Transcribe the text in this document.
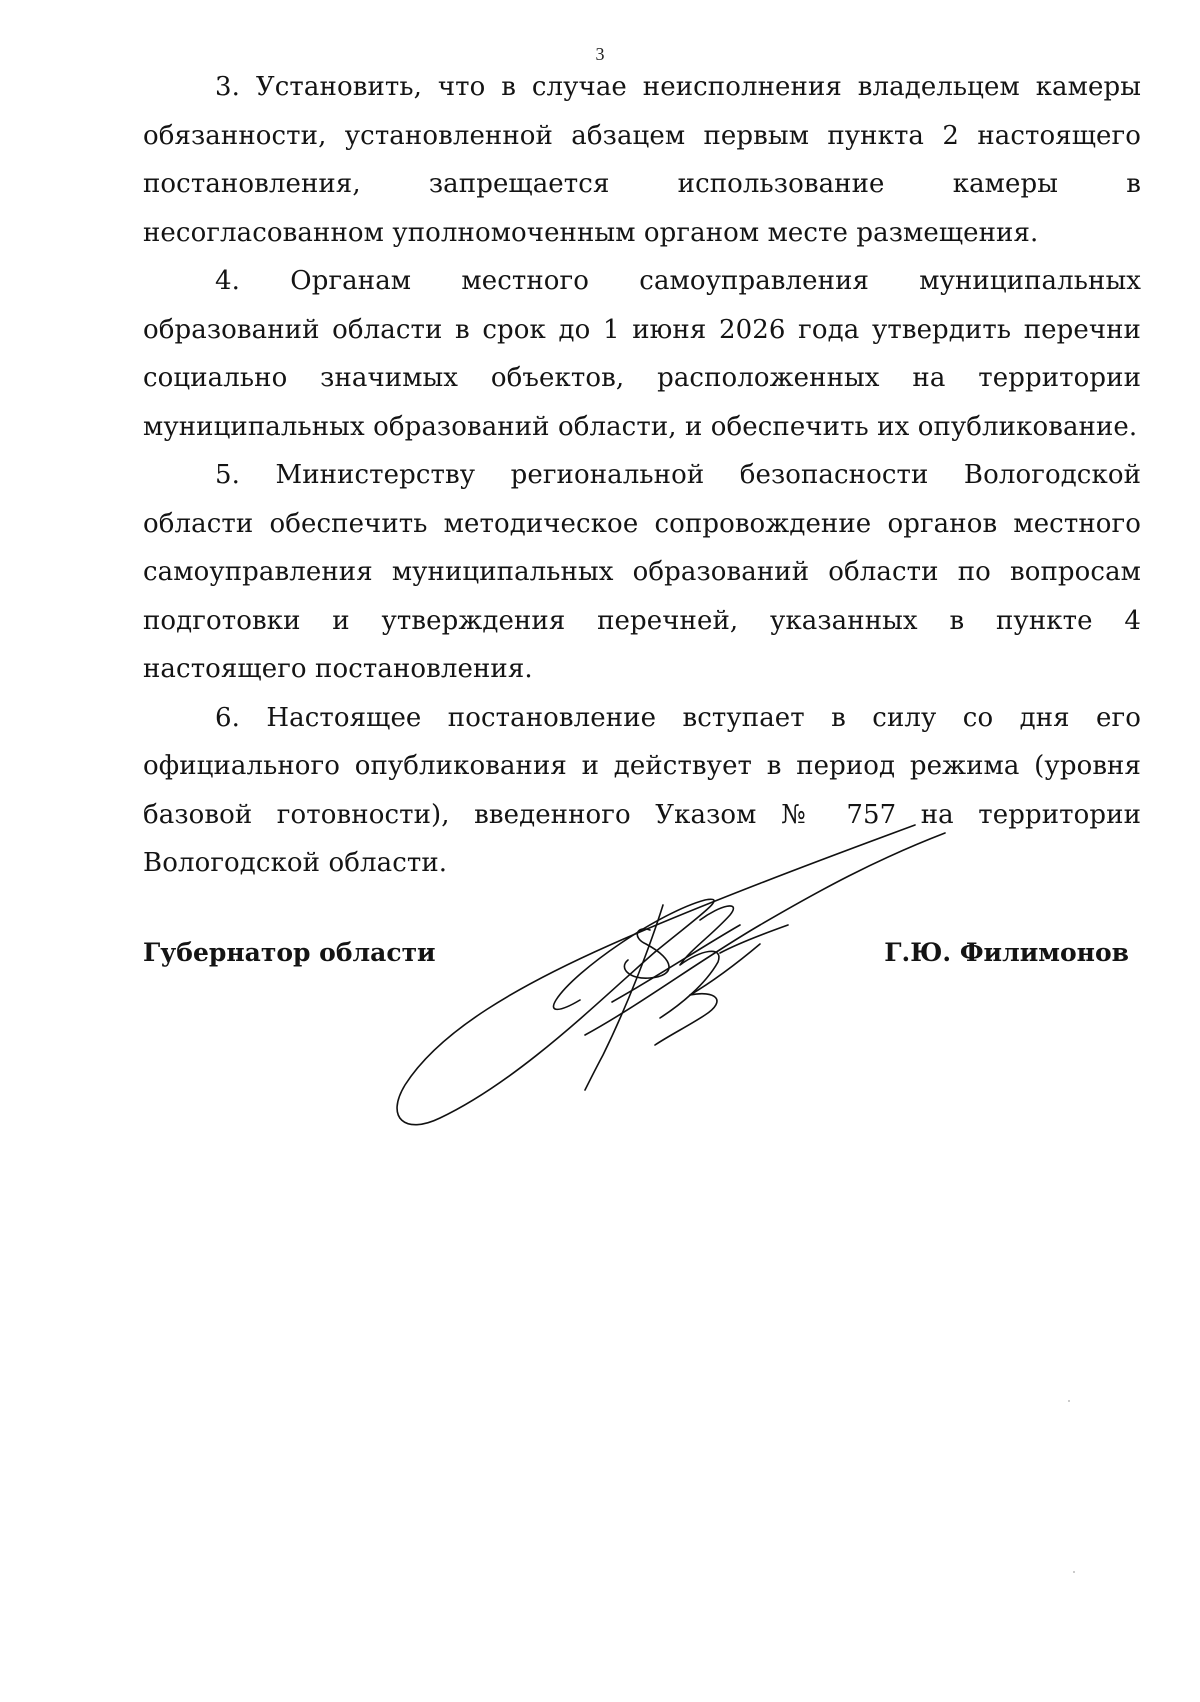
3

3. Установить, что в случае неисполнения владельцем камеры обязанности, установленной абзацем первым пункта 2 настоящего постановления, запрещается использование камеры в несогласованном уполномоченным органом месте размещения.

4. Органам местного самоуправления муниципальных образований области в срок до 1 июня 2026 года утвердить перечни социально значимых объектов, расположенных на территории муниципальных образований области, и обеспечить их опубликование.

5. Министерству региональной безопасности Вологодской области обеспечить методическое сопровождение органов местного самоуправления муниципальных образований области по вопросам подготовки и утверждения перечней, указанных в пункте 4 настоящего постановления.

6. Настоящее постановление вступает в силу со дня его официального опубликования и действует в период режима (уровня базовой готовности), введенного Указом № 757 на территории Вологодской области.

Губернатор области	Г.Ю. Филимонов
